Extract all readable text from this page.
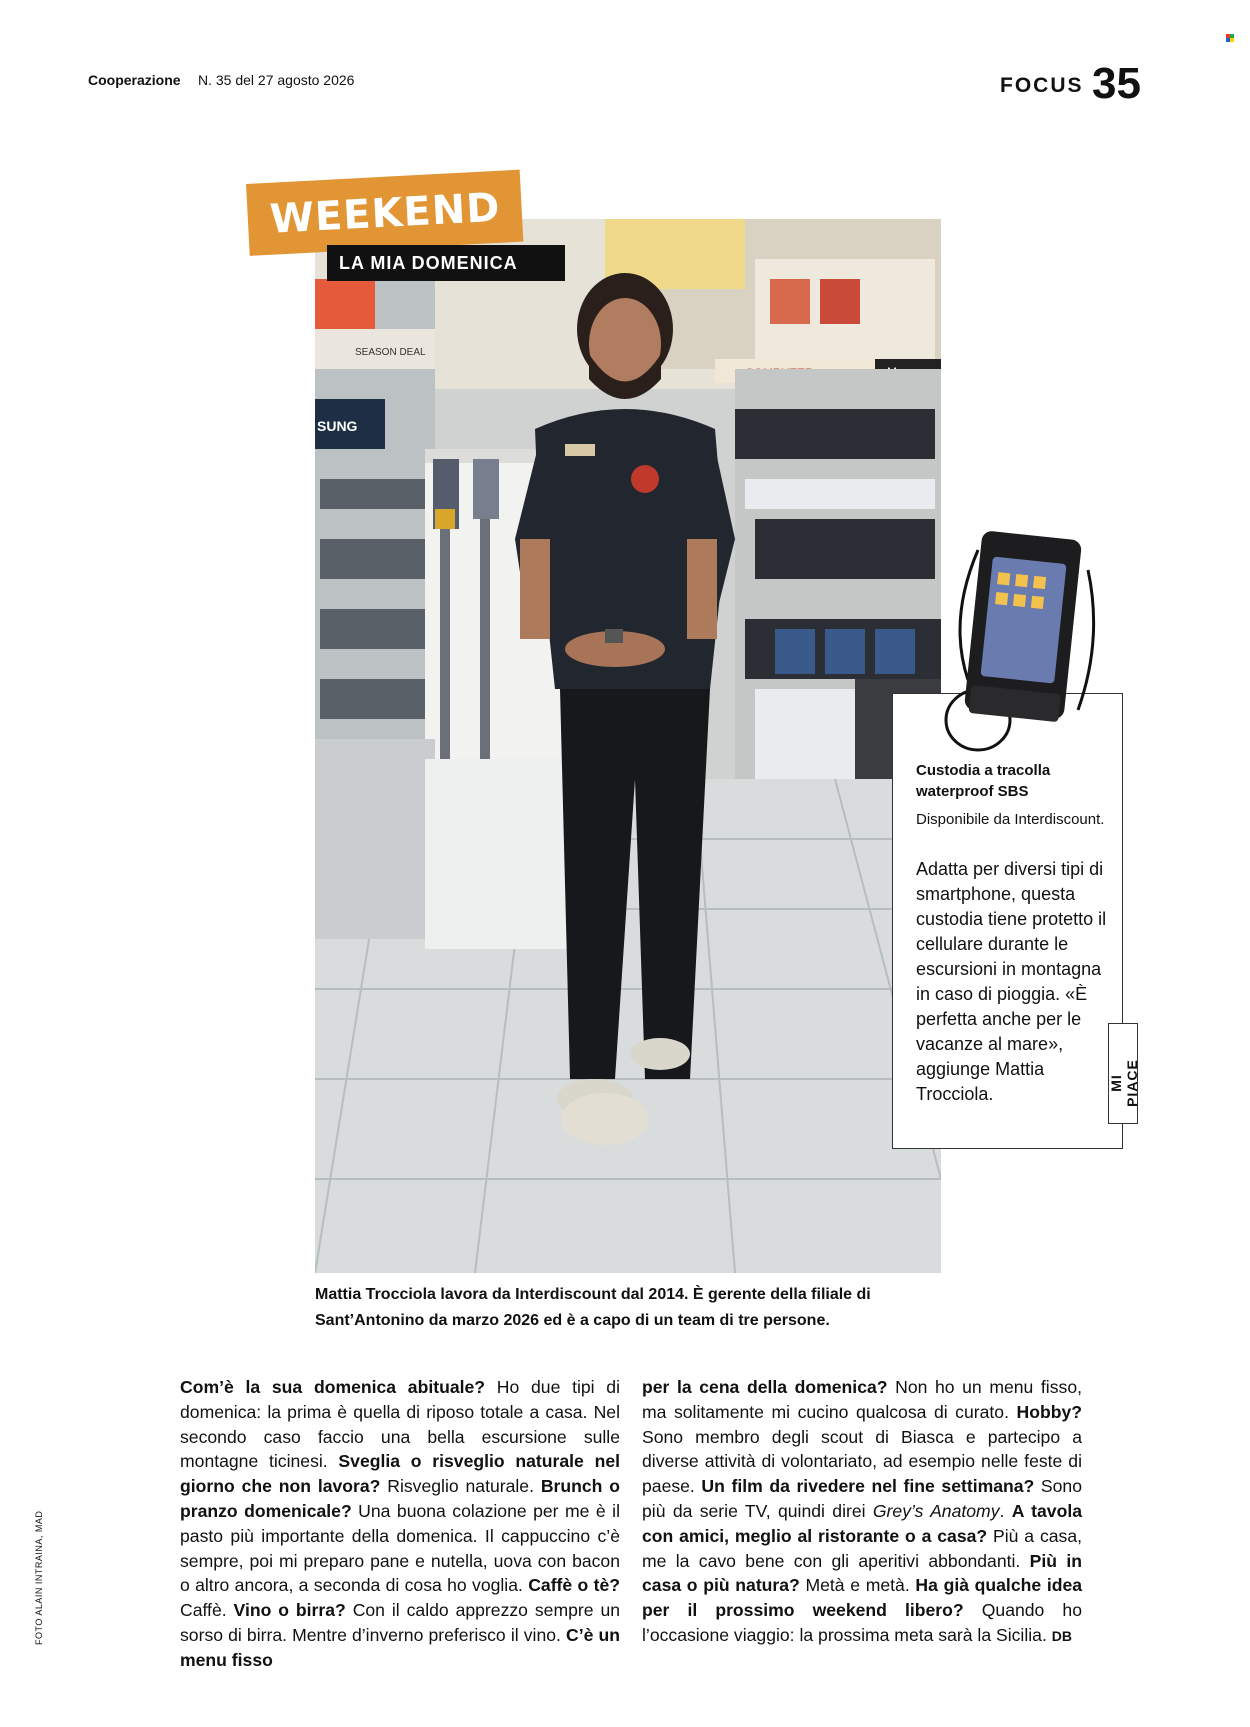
Cooperazione N. 35 del 27 agosto 2026	FOCUS 35
SEASON DEAL
SUNG
WEEKEND
LA MIA DOMENICA
Mattia Trocciola lavora da Interdiscount dal 2014. È gerente della filiale di Sant’Antonino da marzo 2026 ed è a capo di un team di tre persone.
Custodia a tracolla waterproof SBS
Disponibile da Interdiscount.
Adatta per diversi tipi di smartphone, questa custodia tiene protetto il cellulare durante le escursioni in montagna in caso di pioggia. «È perfetta anche per le vacanze al mare», aggiunge Mattia Trocciola.
MI PIACE
Com’è la sua domenica abituale? Ho due tipi di domenica: la prima è quella di riposo totale a casa. Nel secondo caso faccio una bella escursione sulle montagne ticinesi. Sveglia o risveglio naturale nel giorno che non lavora? Risveglio naturale. Brunch o pranzo domenicale? Una buona colazione per me è il pasto più importante della domenica. Il cappuccino c’è sempre, poi mi preparo pane e nutella, uova con bacon o altro ancora, a seconda di cosa ho voglia. Caffè o tè? Caffè. Vino o birra? Con il caldo apprezzo sempre un sorso di birra. Mentre d’inverno preferisco il vino. C’è un menu fisso
per la cena della domenica? Non ho un menu fisso, ma solitamente mi cucino qualcosa di curato. Hobby? Sono membro degli scout di Biasca e partecipo a diverse attività di volontariato, ad esempio nelle feste di paese. Un film da rivedere nel fine settimana? Sono più da serie TV, quindi direi Grey’s Anatomy. A tavola con amici, meglio al ristorante o a casa? Più a casa, me la cavo bene con gli aperitivi abbondanti. Più in casa o più natura? Metà e metà. Ha già qualche idea per il prossimo weekend libero? Quando ho l’occasione viaggio: la prossima meta sarà la Sicilia. DB
FOTO ALAIN INTRAINA, MAD
